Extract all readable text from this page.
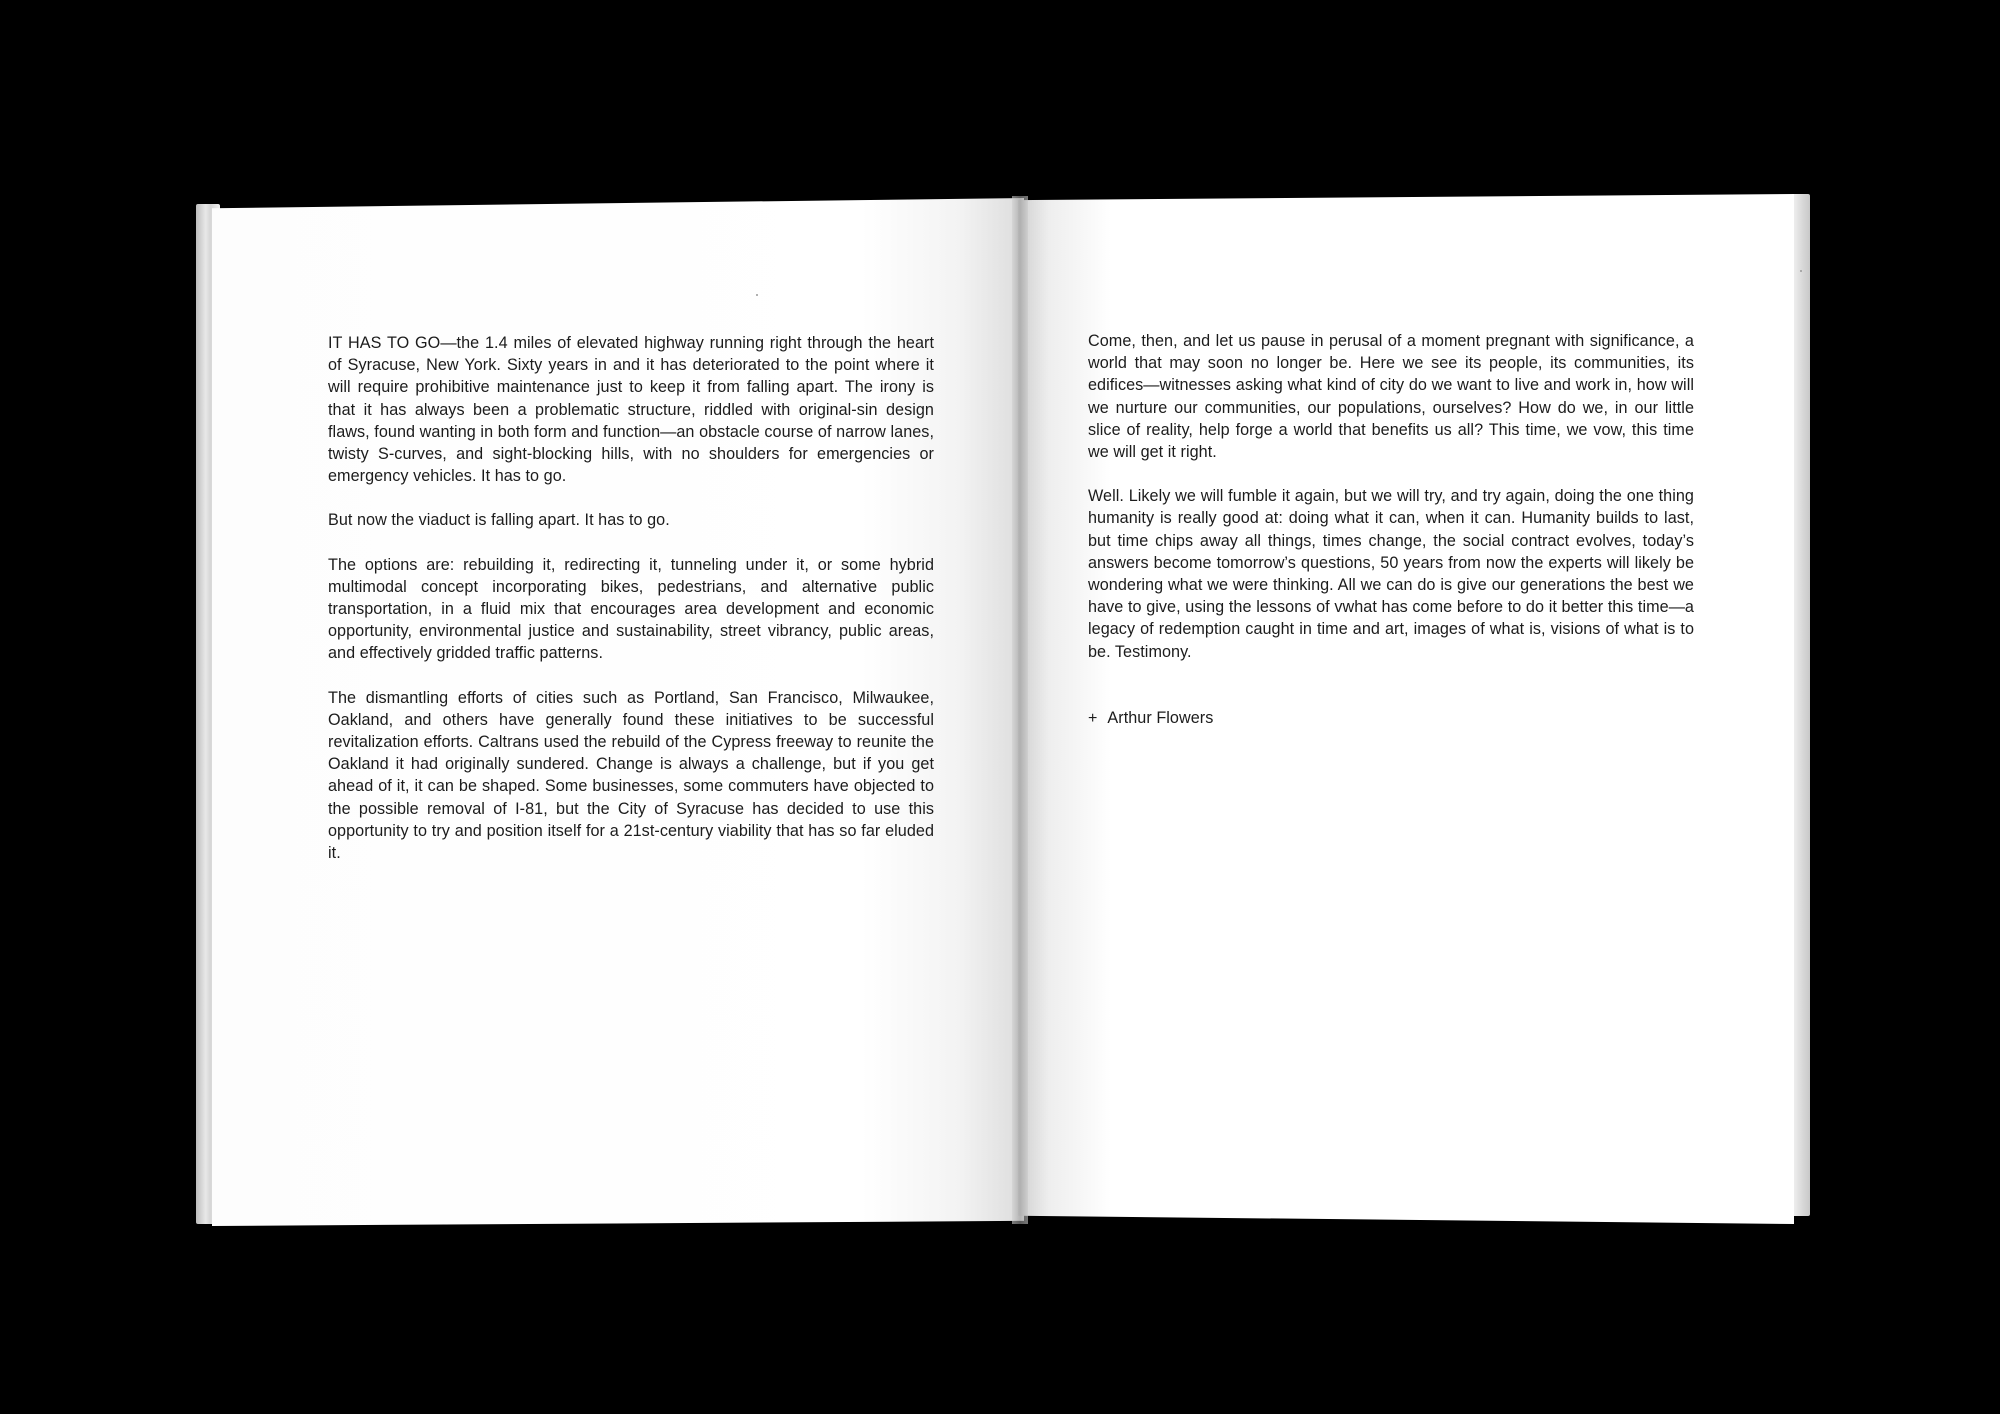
IT HAS TO GO—the 1.4 miles of elevated highway running right through the heart of Syracuse, New York. Sixty years in and it has deteriorated to the point where it will require prohibitive maintenance just to keep it from falling apart. The irony is that it has always been a problematic structure, riddled with original-sin design flaws, found wanting in both form and function—an obstacle course of narrow lanes, twisty S-curves, and sight-blocking hills, with no shoulders for emergencies or emergency vehicles. It has to go.

But now the viaduct is falling apart. It has to go.

The options are: rebuilding it, redirecting it, tunneling under it, or some hybrid multimodal concept incorporating bikes, pedestrians, and alternative public transportation, in a fluid mix that encourages area development and economic opportunity, environmental justice and sustainability, street vibrancy, public areas, and effectively gridded traffic patterns.

The dismantling efforts of cities such as Portland, San Francisco, Milwaukee, Oakland, and others have generally found these initiatives to be successful revitalization efforts. Caltrans used the rebuild of the Cypress freeway to reunite the Oakland it had originally sundered. Change is always a challenge, but if you get ahead of it, it can be shaped. Some businesses, some commuters have objected to the possible removal of I-81, but the City of Syracuse has decided to use this opportunity to try and position itself for a 21st-century viability that has so far eluded it.

Come, then, and let us pause in perusal of a moment pregnant with significance, a world that may soon no longer be. Here we see its people, its communities, its edifices—witnesses asking what kind of city do we want to live and work in, how will we nurture our communities, our populations, ourselves? How do we, in our little slice of reality, help forge a world that benefits us all? This time, we vow, this time we will get it right.

Well. Likely we will fumble it again, but we will try, and try again, doing the one thing humanity is really good at: doing what it can, when it can. Humanity builds to last, but time chips away all things, times change, the social contract evolves, today’s answers become tomorrow’s questions, 50 years from now the experts will likely be wondering what we were thinking. All we can do is give our generations the best we have to give, using the lessons of vwhat has come before to do it better this time—a legacy of redemption caught in time and art, images of what is, visions of what is to be. Testimony.

+ Arthur Flowers
